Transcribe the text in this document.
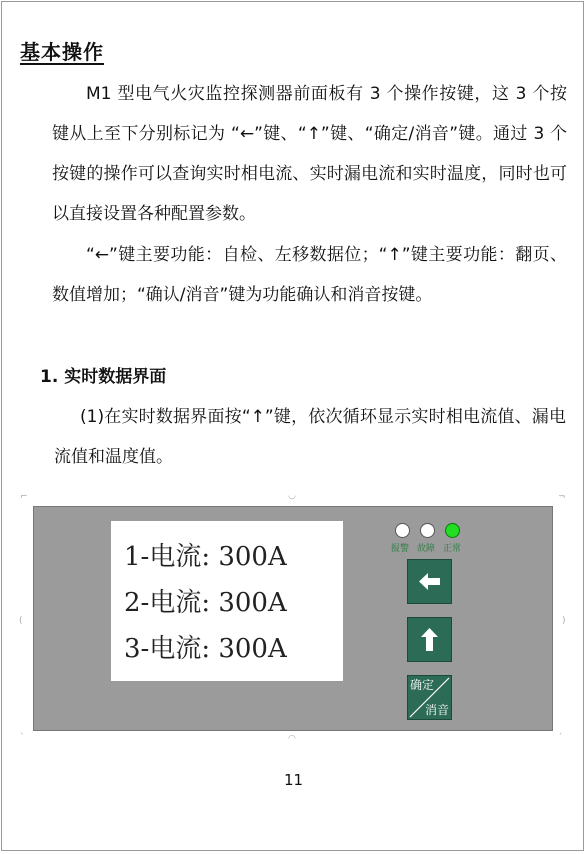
基本操作

M1 型电气火灾监控探测器前面板有 3 个操作按键，这 3 个按键从上至下分别标记为 “←”键、“↑”键、“确定/消音”键。通过 3 个按键的操作可以查询实时相电流、实时漏电流和实时温度，同时也可以直接设置各种配置参数。

“←”键主要功能：自检、左移数据位；“↑”键主要功能：翻页、数值增加；“确认/消音”键为功能确认和消音按键。

1. 实时数据界面

(1)在实时数据界面按“↑”键，依次循环显示实时相电流值、漏电流值和温度值。

⌐	◡	¬
(	)
ˋ	◠	ˊ
1-电流: 300A
2-电流: 300A
3-电流: 300A
报警 故障 正常
确定
消音

11
